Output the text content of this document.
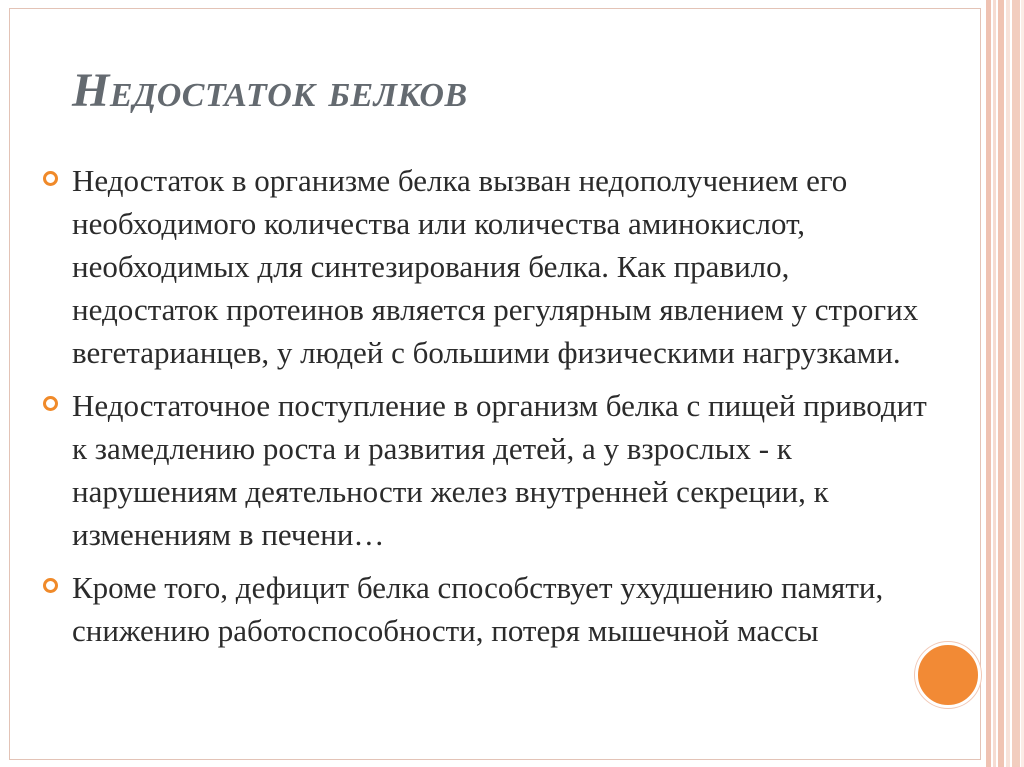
Недостаток белков
Недостаток в организме белка вызван недополучением его необходимого количества или количества аминокислот, необходимых для синтезирования белка. Как правило, недостаток протеинов является регулярным явлением у строгих вегетарианцев, у людей с большими физическими нагрузками.
Недостаточное поступление в организм белка с пищей приводит к замедлению роста и развития детей, а у взрослых - к нарушениям деятельности желез внутренней секреции, к изменениям в печени…
Кроме того, дефицит белка способствует ухудшению памяти, снижению работоспособности, потеря мышечной массы
